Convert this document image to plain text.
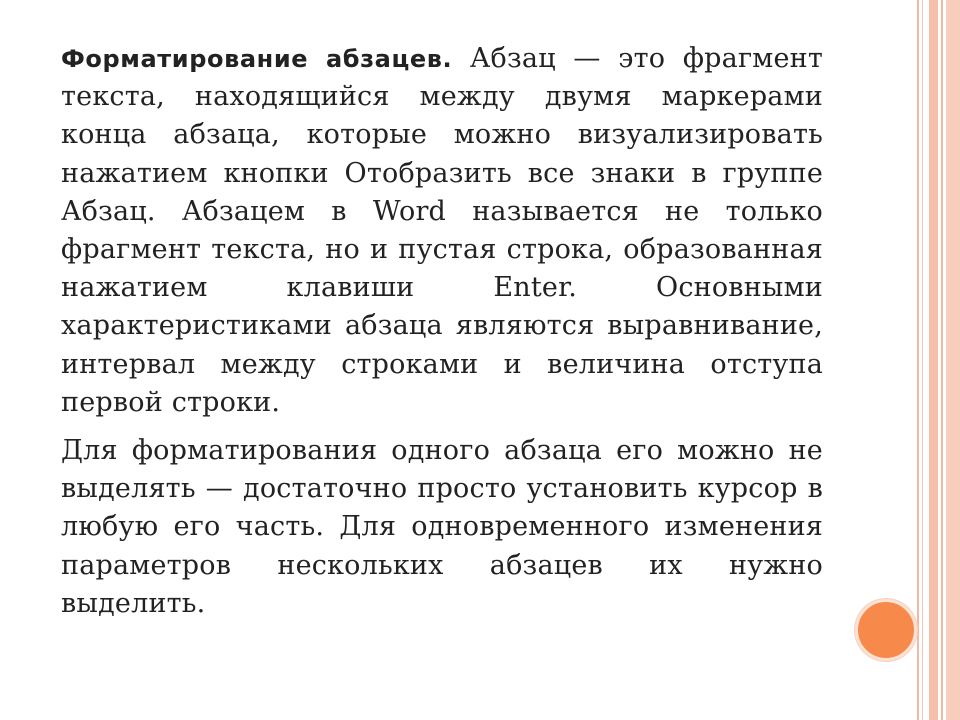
Форматирование абзацев. Абзац — это фрагмент текста, находящийся между двумя маркерами конца абзаца, которые можно визуализировать нажатием кнопки Отобразить все знаки в группе Абзац. Абзацем в Word называется не только фрагмент текста, но и пустая строка, образованная нажатием клавиши Enter. Основными характеристиками абзаца являются выравнивание, интервал между строками и величина отступа первой строки.

Для форматирования одного абзаца его можно не выделять — достаточно просто установить курсор в любую его часть. Для одновременного изменения параметров нескольких абзацев их нужно выделить.
